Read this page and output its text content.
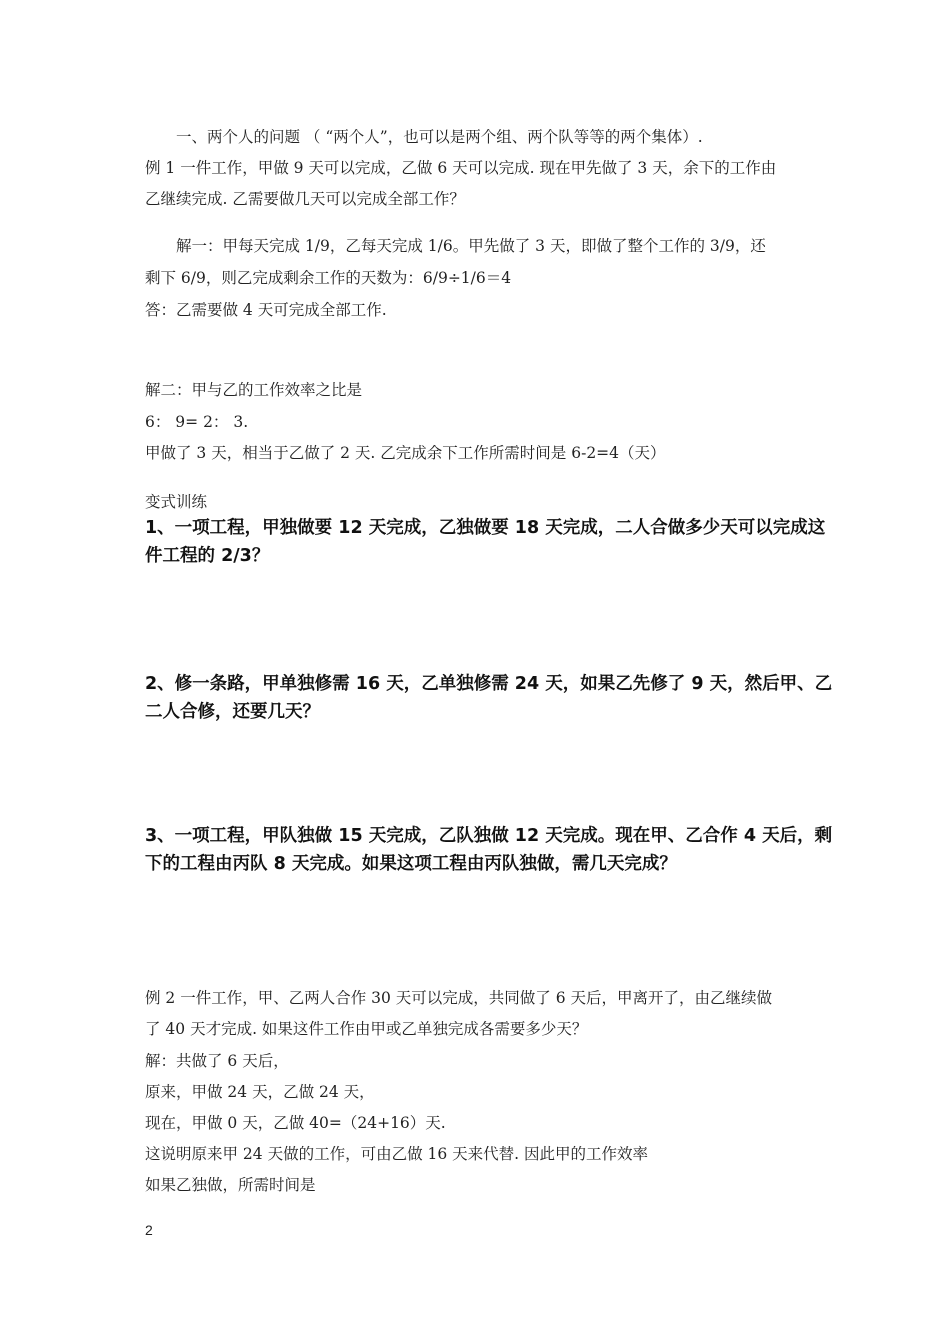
一、两个人的问题 （ “两个人”，也可以是两个组、两个队等等的两个集体）.
例 1 一件工作，甲做 9 天可以完成，乙做 6 天可以完成. 现在甲先做了 3 天，余下的工作由
乙继续完成. 乙需要做几天可以完成全部工作？
解一：甲每天完成 1/9，乙每天完成 1/6。甲先做了 3 天，即做了整个工作的 3/9，还
剩下 6/9，则乙完成剩余工作的天数为：6/9÷1/6＝4
答：乙需要做 4 天可完成全部工作.
解二：甲与乙的工作效率之比是
6： 9= 2： 3.
甲做了 3 天，相当于乙做了 2 天. 乙完成余下工作所需时间是 6-2=4（天）
变式训练
1、一项工程，甲独做要 12 天完成，乙独做要 18 天完成，二人合做多少天可以完成这
件工程的 2/3？
2、修一条路，甲单独修需 16 天，乙单独修需 24 天，如果乙先修了 9 天，然后甲、乙
二人合修，还要几天？
3、一项工程，甲队独做 15 天完成，乙队独做 12 天完成。现在甲、乙合作 4 天后，剩
下的工程由丙队 8 天完成。如果这项工程由丙队独做，需几天完成？
例 2 一件工作，甲、乙两人合作 30 天可以完成，共同做了 6 天后，甲离开了，由乙继续做
了 40 天才完成. 如果这件工作由甲或乙单独完成各需要多少天？
解：共做了 6 天后，
原来，甲做 24 天，乙做 24 天，
现在，甲做 0 天，乙做 40=（24+16）天.
这说明原来甲 24 天做的工作，可由乙做 16 天来代替. 因此甲的工作效率
如果乙独做，所需时间是
2
